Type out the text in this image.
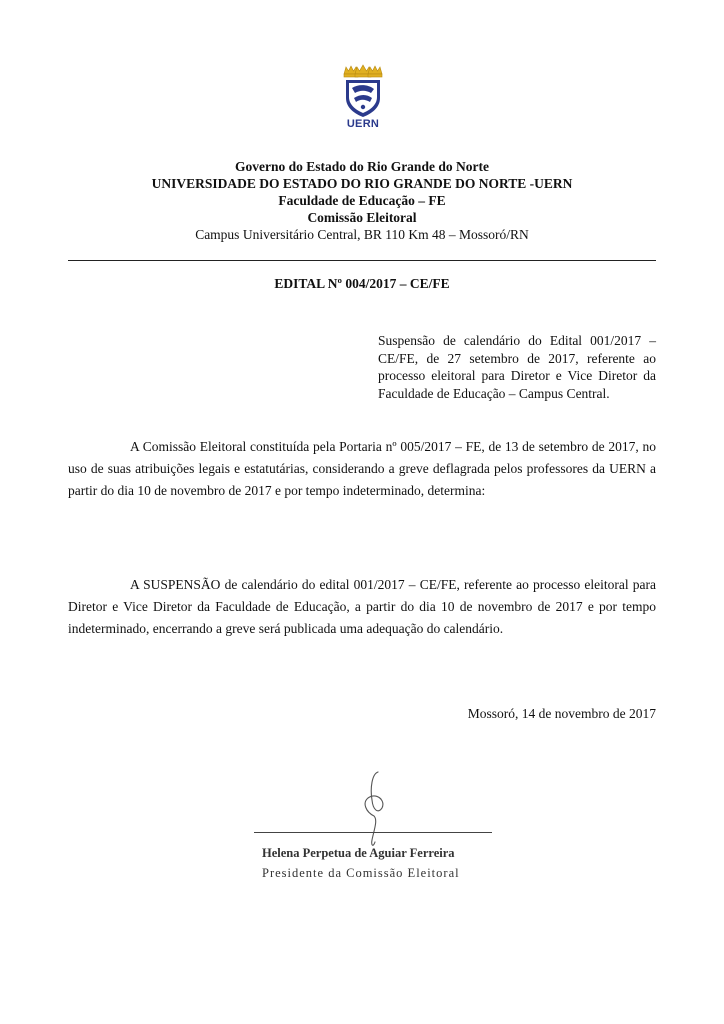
UERN
Governo do Estado do Rio Grande do Norte
UNIVERSIDADE DO ESTADO DO RIO GRANDE DO NORTE -UERN
Faculdade de Educação – FE
Comissão Eleitoral
Campus Universitário Central, BR 110 Km 48 – Mossoró/RN
EDITAL Nº 004/2017 – CE/FE
Suspensão de calendário do Edital 001/2017 – CE/FE, de 27 setembro de 2017, referente ao processo eleitoral para Diretor e Vice Diretor da Faculdade de Educação – Campus Central.
A Comissão Eleitoral constituída pela Portaria nº 005/2017 – FE, de 13 de setembro de 2017, no uso de suas atribuições legais e estatutárias, considerando a greve deflagrada pelos professores da UERN a partir do dia 10 de novembro de 2017 e por tempo indeterminado, determina:
A SUSPENSÃO de calendário do edital 001/2017 – CE/FE, referente ao processo eleitoral para Diretor e Vice Diretor da Faculdade de Educação, a partir do dia 10 de novembro de 2017 e por tempo indeterminado, encerrando a greve será publicada uma adequação do calendário.
Mossoró, 14 de novembro de 2017
Helena Perpetua de Aguiar Ferreira
Presidente da Comissão Eleitoral
